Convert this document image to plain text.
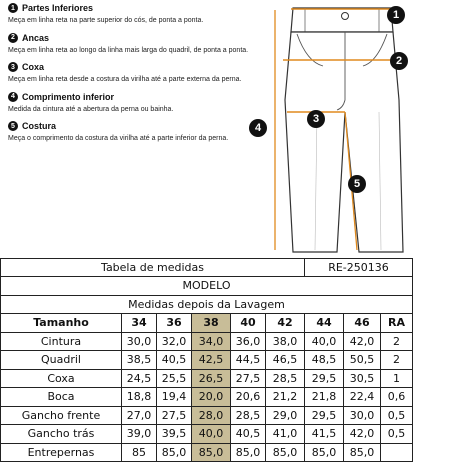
1 Partes Inferiores
Meça em linha reta na parte superior do cós, de ponta a ponta.
2 Ancas
Meça em linha reta ao longo da linha mais larga do quadril, de ponta a ponta.
3 Coxa
Meça em linha reta desde a costura da virilha até a parte externa da perna.
4 Comprimento inferior
Medida da cintura até a abertura da perna ou bainha.
5 Costura
Meça o comprimento da costura da virilha até a parte inferior da perna.
1
2
3
4
5
Tabela de medidas						RE-250136		
MODELO								
Medidas depois da Lavagem								
Tamanho	34	36	38	40	42	44	46	RA
Cintura	30,0	32,0	34,0	36,0	38,0	40,0	42,0	2
Quadril	38,5	40,5	42,5	44,5	46,5	48,5	50,5	2
Coxa	24,5	25,5	26,5	27,5	28,5	29,5	30,5	1
Boca	18,8	19,4	20,0	20,6	21,2	21,8	22,4	0,6
Gancho frente	27,0	27,5	28,0	28,5	29,0	29,5	30,0	0,5
Gancho trás	39,0	39,5	40,0	40,5	41,0	41,5	42,0	0,5
Entrepernas	85	85,0	85,0	85,0	85,0	85,0	85,0	
